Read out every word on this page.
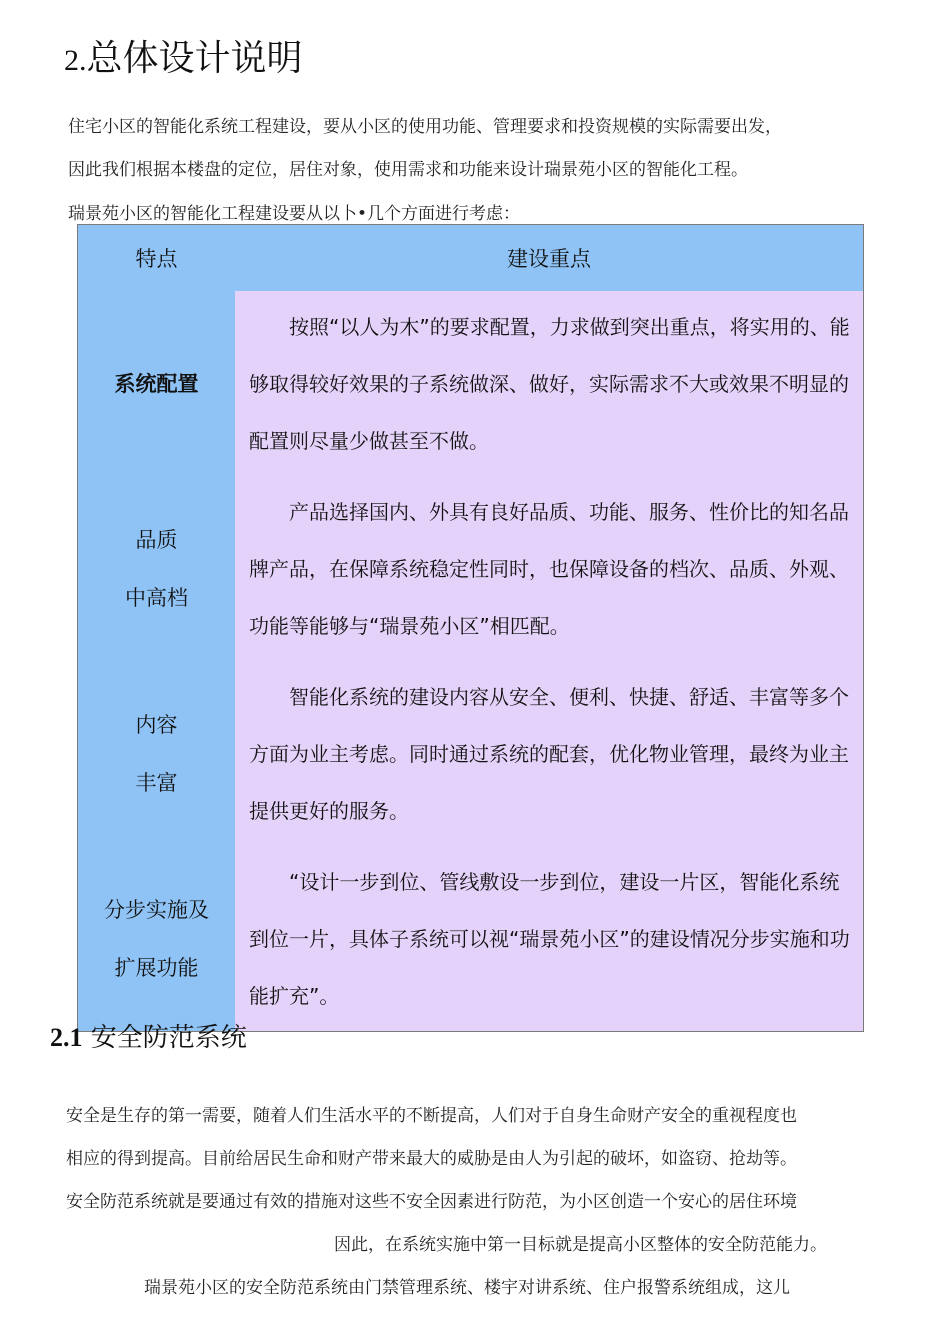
2.总体设计说明
住宅小区的智能化系统工程建设，要从小区的使用功能、管理要求和投资规模的实际需要出发，
因此我们根据本楼盘的定位，居住对象，使用需求和功能来设计瑞景苑小区的智能化工程。
瑞景苑小区的智能化工程建设要从以卜•几个方面进行考虑：
特点	建设重点

系统配置	按照“以人为木”的要求配置，力求做到突出重点，将实用的、能够取得较好效果的子系统做深、做好，实际需求不大或效果不明显的配置则尽量少做甚至不做。

品质
中高档	产品选择国内、外具有良好品质、功能、服务、性价比的知名品牌产品，在保障系统稳定性同时，也保障设备的档次、品质、外观、功能等能够与“瑞景苑小区”相匹配。

内容
丰富	智能化系统的建设内容从安全、便利、快捷、舒适、丰富等多个方面为业主考虑。同时通过系统的配套，优化物业管理，最终为业主提供更好的服务。

分步实施及
扩展功能	“设计一步到位、管线敷设一步到位，建设一片区，智能化系统到位一片，具体子系统可以视“瑞景苑小区”的建设情况分步实施和功能扩充”。
2.1 安全防范系统
安全是生存的第一需要，随着人们生活水平的不断提高，人们对于自身生命财产安全的重视程度也
相应的得到提高。目前给居民生命和财产带来最大的威胁是由人为引起的破坏，如盗窃、抢劫等。
安全防范系统就是要通过有效的措施对这些不安全因素进行防范，为小区创造一个安心的居住环境
因此，在系统实施中第一目标就是提高小区整体的安全防范能力。
瑞景苑小区的安全防范系统由门禁管理系统、楼宇对讲系统、住户报警系统组成，这儿
